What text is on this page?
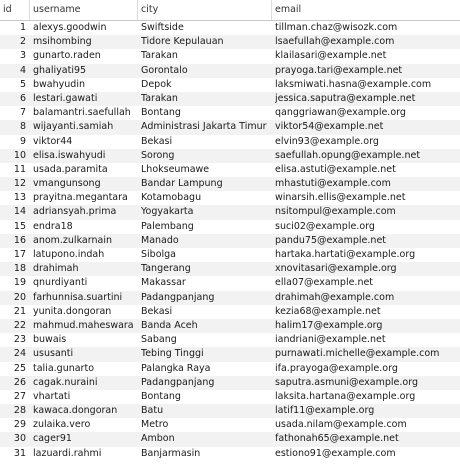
id	username	city	email
1 alexys.goodwin	Swiftside	tillman.chaz@wisozk.com
2 msihombing	Tidore Kepulauan	lsaefullah@example.com
3 gunarto.raden	Tarakan	klailasari@example.net
4 ghaliyati95	Gorontalo	prayoga.tari@example.net
5 bwahyudin	Depok	laksmiwati.hasna@example.com
6 lestari.gawati	Tarakan	jessica.saputra@example.net
7 balamantri.saefullah	Bontang	qanggriawan@example.org
8 wijayanti.samiah	Administrasi Jakarta Timur viktor54@example.net
9 viktor44	Bekasi	elvin93@example.org
10 elisa.iswahyudi	Sorong	saefullah.opung@example.net
11 usada.paramita	Lhokseumawe	elisa.astuti@example.net
12 vmangunsong	Bandar Lampung	mhastuti@example.com
13 prayitna.megantara	Kotamobagu	winarsih.ellis@example.net
14 adriansyah.prima	Yogyakarta	nsitompul@example.com
15 endra18	Palembang	suci02@example.org
16 anom.zulkarnain	Manado	pandu75@example.net
17 latupono.indah	Sibolga	hartaka.hartati@example.org
18 drahimah	Tangerang	xnovitasari@example.org
19 qnurdiyanti	Makassar	ella07@example.net
20 farhunnisa.suartini	Padangpanjang	drahimah@example.com
21 yunita.dongoran	Bekasi	kezia68@example.net
22 mahmud.maheswara Banda Aceh	halim17@example.org
23 buwais	Sabang	iandriani@example.net
24 ususanti	Tebing Tinggi	purnawati.michelle@example.com
25 talia.gunarto	Palangka Raya	ifa.prayoga@example.org
26 cagak.nuraini	Padangpanjang	saputra.asmuni@example.org
27 vhartati	Bontang	laksita.hartana@example.org
28 kawaca.dongoran	Batu	latif11@example.org
29 zulaika.vero	Metro	usada.nilam@example.com
30 cager91	Ambon	fathonah65@example.net
31 lazuardi.rahmi	Banjarmasin	estiono91@example.com
